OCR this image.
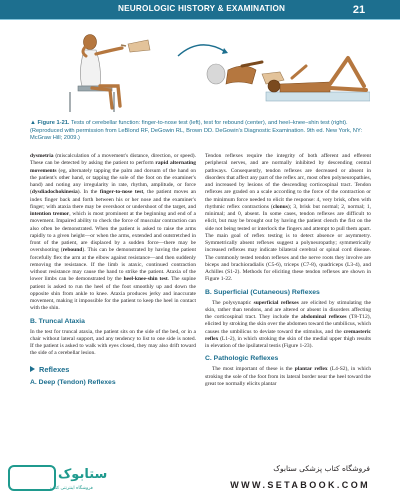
NEUROLOGIC HISTORY & EXAMINATION	21
▲ Figure 1-21. Tests of cerebellar function: finger-to-nose test (left), test for rebound (center), and heel–knee–shin test (right). (Reproduced with permission from LeBlond RF, DeGowin RL, Brown DD. DeGowin's Diagnostic Examination. 9th ed. New York, NY: McGraw Hill; 2009.)

dysmetria (miscalculation of a movement's distance, direction, or speed). These can be detected by asking the patient to perform rapid alternating movements (eg, alternately tapping the palm and dorsum of the hand on the patient's other hand, or tapping the sole of the foot on the examiner's hand) and noting any irregularity in rate, rhythm, amplitude, or force (dysdiadochokinesia). In the finger-to-nose test, the patient moves an index finger back and forth between his or her nose and the examiner's finger; with ataxia there may be overshoot or undershoot of the target, and intention tremor, which is most prominent at the beginning and end of a movement. Impaired ability to check the force of muscular contraction can also often be demonstrated. When the patient is asked to raise the arms rapidly to a given height—or when the arms, extended and outstretched in front of the patient, are displaced by a sudden force—there may be overshooting (rebound). This can be demonstrated by having the patient forcefully flex the arm at the elbow against resistance—and then suddenly removing the resistance. If the limb is ataxic, continued contraction without resistance may cause the hand to strike the patient. Ataxia of the lower limbs can be demonstrated by the heel-knee-shin test. The supine patient is asked to run the heel of the foot smoothly up and down the opposite shin from ankle to knee. Ataxia produces jerky and inaccurate movement, making it impossible for the patient to keep the heel in contact with the shin.

B. Truncal Ataxia

In the test for truncal ataxia, the patient sits on the side of the bed, or in a chair without lateral support, and any tendency to list to one side is noted. If the patient is asked to walk with eyes closed, they may also drift toward the side of a cerebellar lesion.

Reflexes
A. Deep (Tendon) Reflexes

Tendon reflexes require the integrity of both afferent and efferent peripheral nerves, and are normally inhibited by descending central pathways. Consequently, tendon reflexes are decreased or absent in disorders that affect any part of the reflex arc, most often polyneuropathies, and increased by lesions of the descending corticospinal tract. Tendon reflexes are graded on a scale according to the force of the contraction or the minimum force needed to elicit the response: 4, very brisk, often with rhythmic reflex contractions (clonus); 3, brisk but normal; 2, normal; 1, minimal; and 0, absent. In some cases, tendon reflexes are difficult to elicit, but may be brought out by having the patient clench the fist on the side not being tested or interlock the fingers and attempt to pull them apart. The main goal of reflex testing is to detect absence or asymmetry. Symmetrically absent reflexes suggest a polyneuropathy; symmetrically increased reflexes may indicate bilateral cerebral or spinal cord disease. The commonly tested tendon reflexes and the nerve roots they involve are biceps and brachioradialis (C5-6), triceps (C7-8), quadriceps (L3-4), and Achilles (S1-2). Methods for eliciting these tendon reflexes are shown in Figure 1-22.

B. Superficial (Cutaneous) Reflexes

The polysynaptic superficial reflexes are elicited by stimulating the skin, rather than tendons, and are altered or absent in disorders affecting the corticospinal tract. They include the abdominal reflexes (T8-T12), elicited by stroking the skin over the abdomen toward the umbilicus, which causes the umbilicus to deviate toward the stimulus, and the cremasteric reflex (L1-2), in which stroking the skin of the medial upper thigh results in elevation of the ipsilateral testis (Figure 1-23).

C. Pathologic Reflexes

The most important of these is the plantar reflex (L4-S2), in which stroking the sole of the foot from its lateral border near the heel toward the great toe normally elicits plantar

ستابوک
فروشگاه اینترنتی کتاب
فروشگاه کتاب پزشکی ستابوک
WWW.SETABOOK.COM
